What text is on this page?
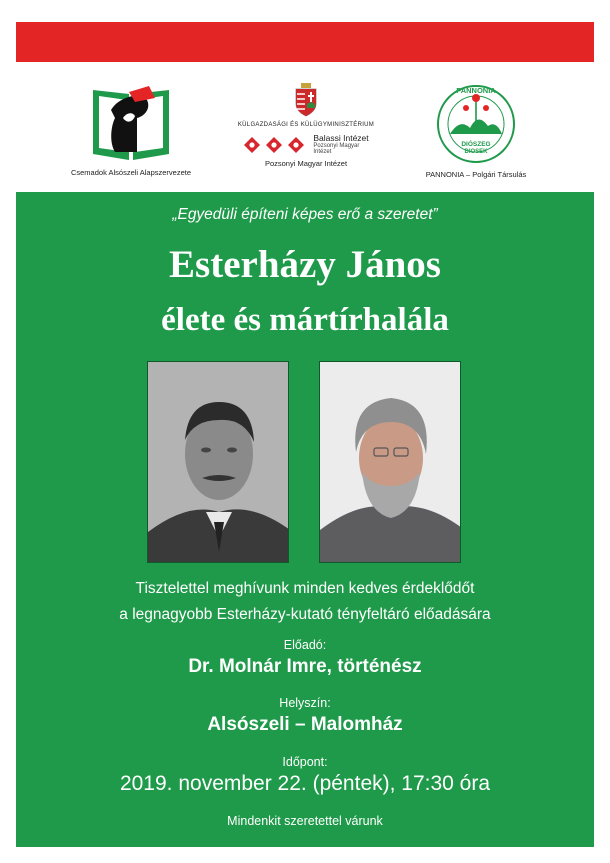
Csemadok Alsószeli Alapszervezete
KÜLGAZDASÁGI ÉS KÜLÜGYMINISZTÉRIUM
Balassi Intézet
Pozsonyi Magyar
Intézet
Pozsonyi Magyar Intézet
DIÓSZEG
DIOSEK
PANNONIA
PANNONIA – Polgári Társulás
„Egyedüli építeni képes erő a szeretet”
Esterházy János
élete és mártírhalála
Tisztelettel meghívunk minden kedves érdeklődőt
a legnagyobb Esterházy-kutató tényfeltáró előadására
Előadó:
Dr. Molnár Imre, történész
Helyszín:
Alsószeli – Malomház
Időpont:
2019. november 22. (péntek), 17:30 óra
Mindenkit szeretettel várunk
